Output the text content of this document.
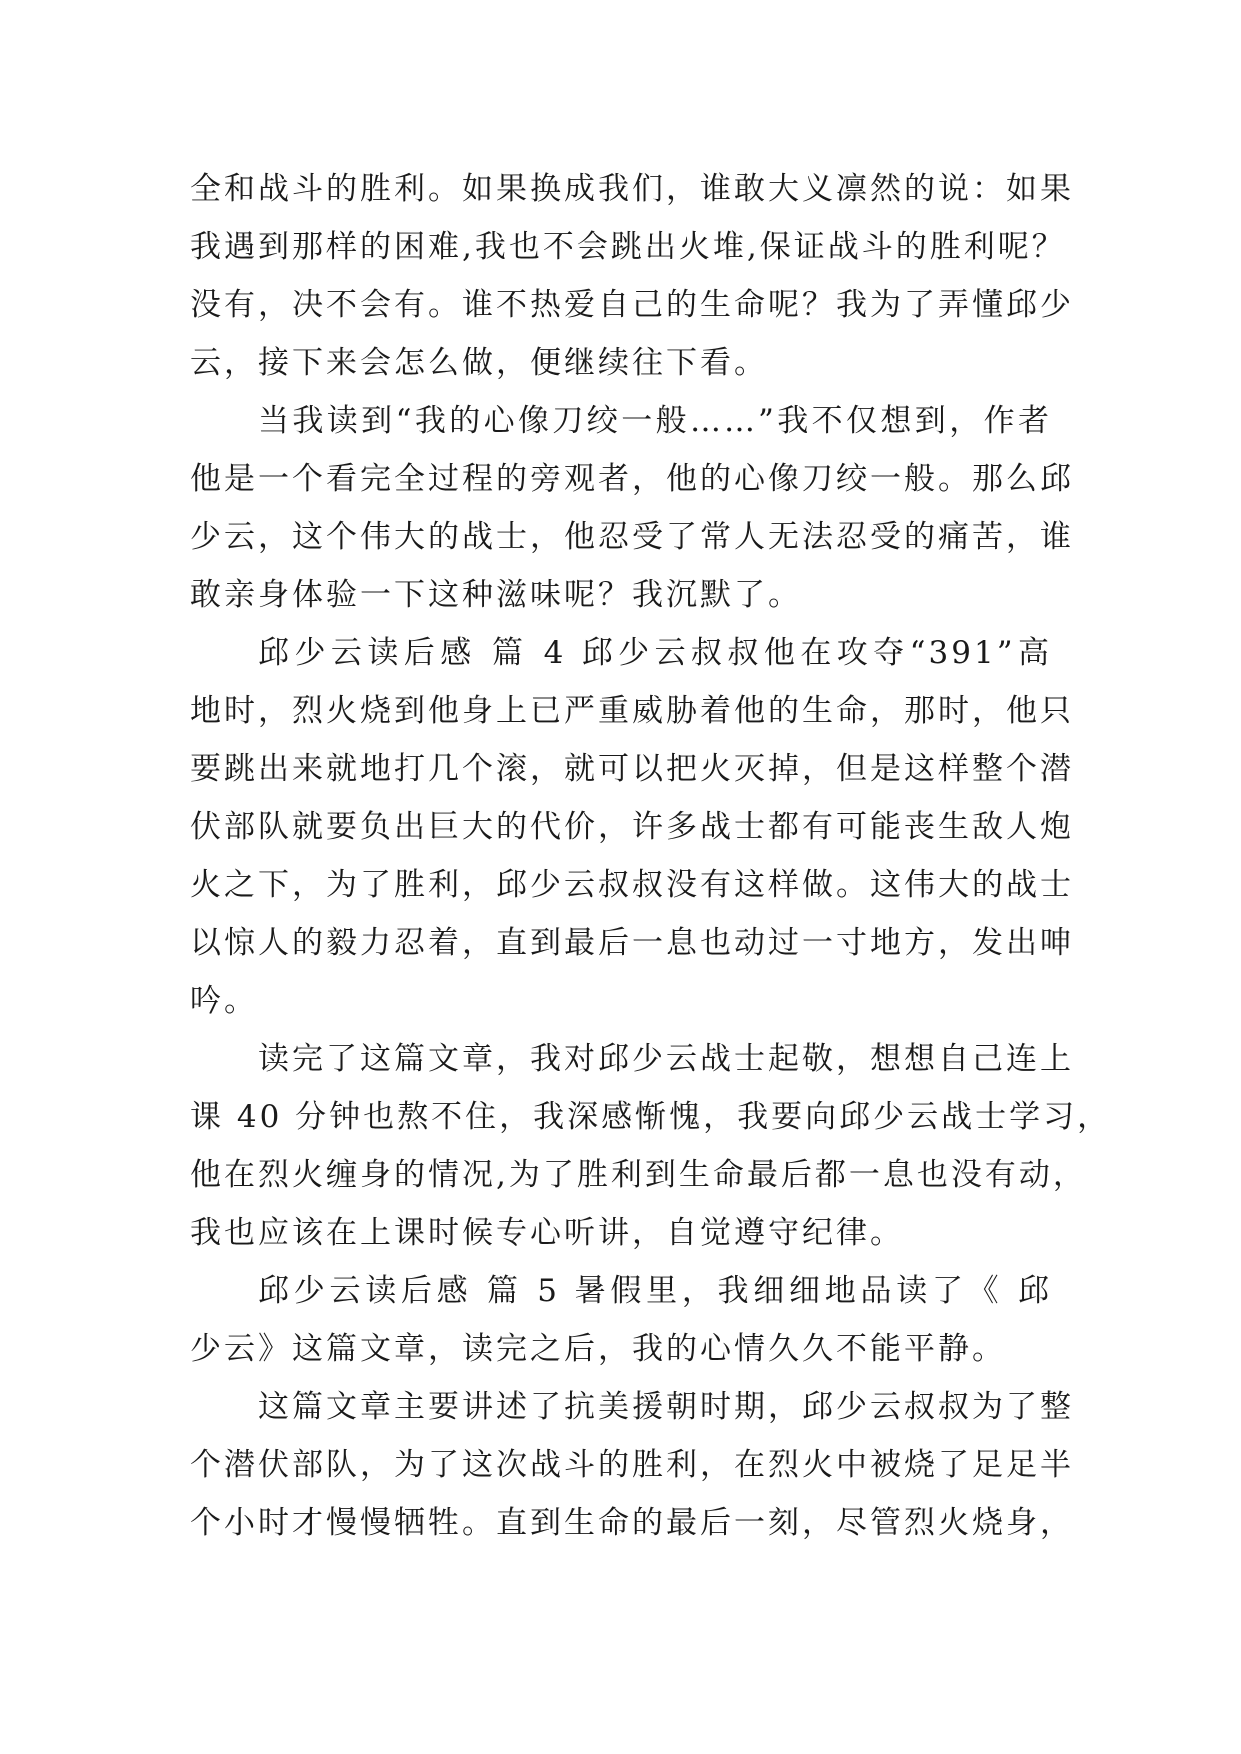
全和战斗的胜利。如果换成我们，谁敢大义凛然的说：如果
我遇到那样的困难,我也不会跳出火堆,保证战斗的胜利呢？
没有，决不会有。谁不热爱自己的生命呢？我为了弄懂邱少
云，接下来会怎么做，便继续往下看。
当我读到“我的心像刀绞一般……”我不仅想到，作者
他是一个看完全过程的旁观者，他的心像刀绞一般。那么邱
少云，这个伟大的战士，他忍受了常人无法忍受的痛苦，谁
敢亲身体验一下这种滋味呢？我沉默了。
邱少云读后感 篇 4 邱少云叔叔他在攻夺“391”高
地时，烈火烧到他身上已严重威胁着他的生命，那时，他只
要跳出来就地打几个滚，就可以把火灭掉，但是这样整个潜
伏部队就要负出巨大的代价，许多战士都有可能丧生敌人炮
火之下，为了胜利，邱少云叔叔没有这样做。这伟大的战士
以惊人的毅力忍着，直到最后一息也动过一寸地方，发出呻
吟。
读完了这篇文章，我对邱少云战士起敬，想想自己连上
课 40 分钟也熬不住，我深感惭愧，我要向邱少云战士学习，
他在烈火缠身的情况,为了胜利到生命最后都一息也没有动，
我也应该在上课时候专心听讲，自觉遵守纪律。
邱少云读后感 篇 5 暑假里，我细细地品读了《 邱
少云》这篇文章，读完之后，我的心情久久不能平静。
这篇文章主要讲述了抗美援朝时期，邱少云叔叔为了整
个潜伏部队，为了这次战斗的胜利，在烈火中被烧了足足半
个小时才慢慢牺牲。直到生命的最后一刻，尽管烈火烧身，
